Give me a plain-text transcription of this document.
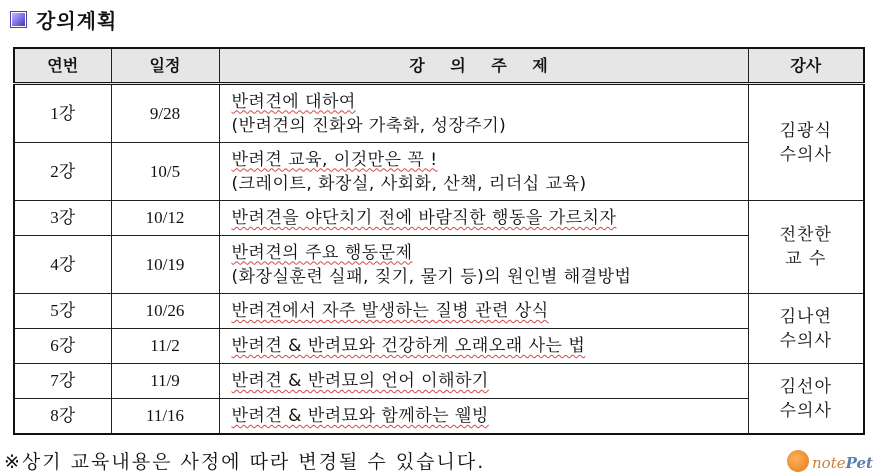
강의계획
연번	일정	강 의 주 제	강사
1강	9/28	반려견에 대하여
(반려견의 진화와 가축화, 성장주기)	김광식
수의사

2강	10/5	반려견 교육, 이것만은 꼭 !
(크레이트, 화장실, 사회화, 산책, 리더십 교육)	

3강	10/12	반려견을 야단치기 전에 바람직한 행동을 가르치자	전찬한
교 수

4강	10/19	반려견의 주요 행동문제
(화장실훈련 실패, 짖기, 물기 등)의 원인별 해결방법	

5강	10/26	반려견에서 자주 발생하는 질병 관련 상식	김나연
수의사

6강	11/2	반려견 & 반려묘와 건강하게 오래오래 사는 법	

7강	11/9	반려견 & 반려묘의 언어 이해하기	김선아
수의사

8강	11/16	반려견 & 반려묘와 함께하는 웰빙	
※상기 교육내용은 사정에 따라 변경될 수 있습니다.	notePet
